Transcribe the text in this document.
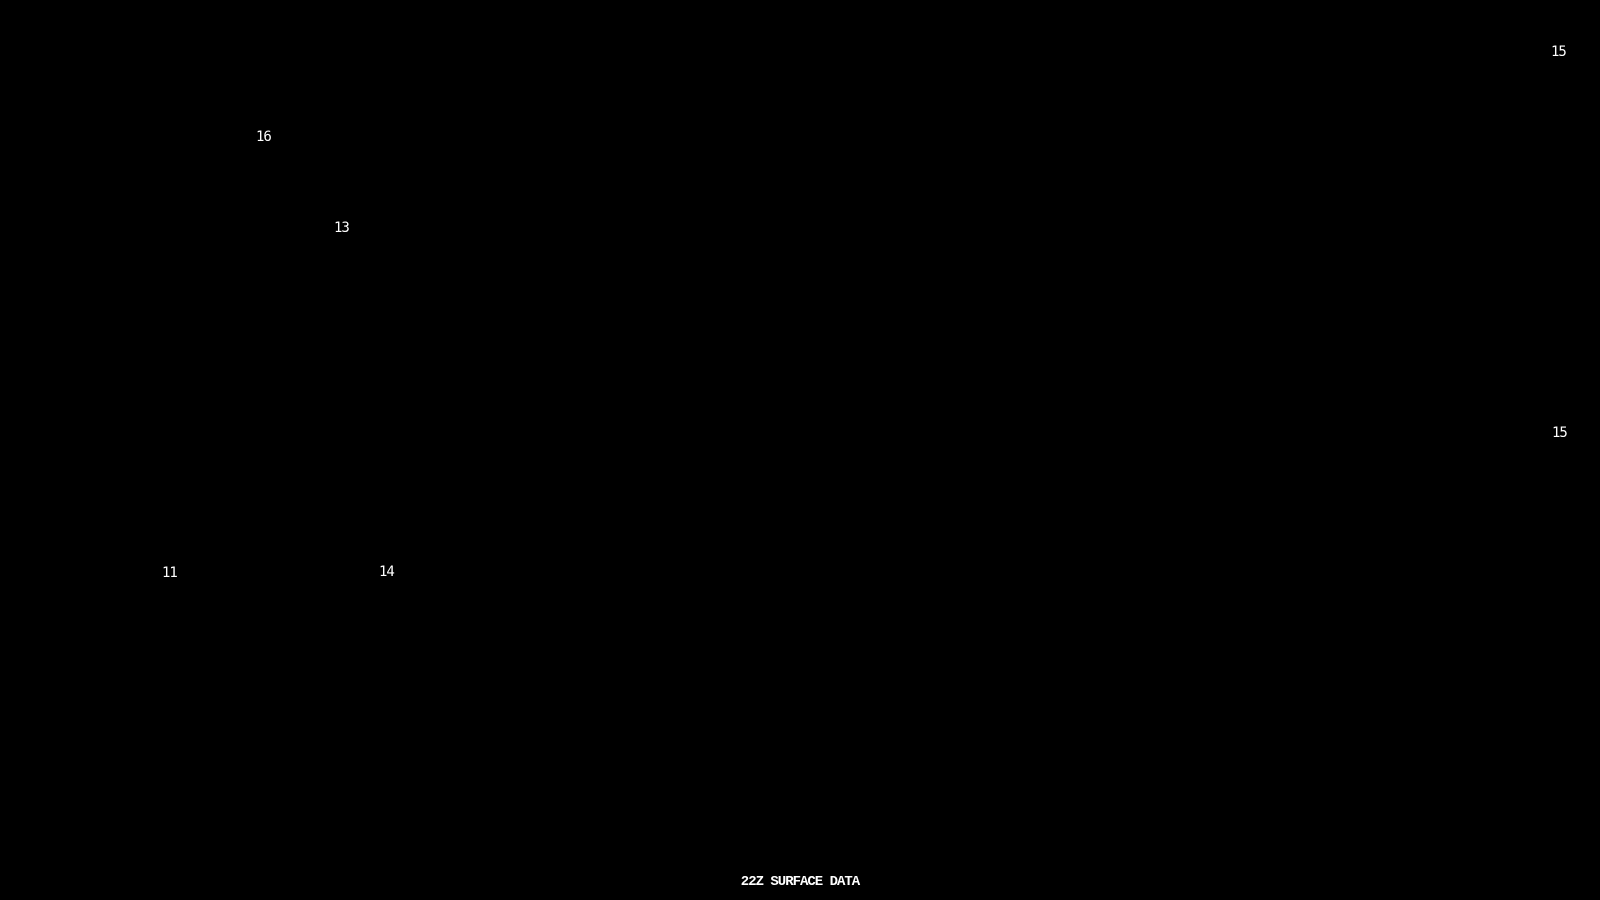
15
16
13
15
11	14
22Z SURFACE DATA
